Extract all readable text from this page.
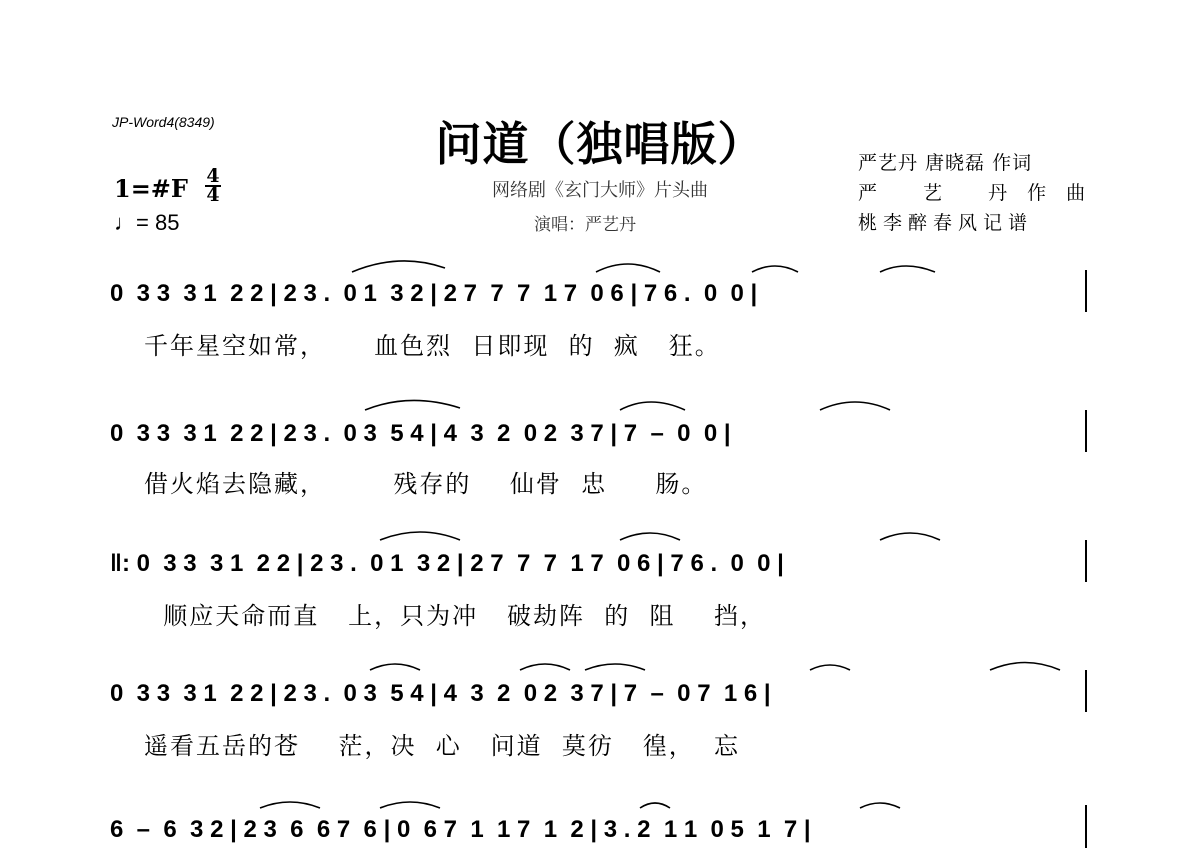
JP-Word4(8349)	问道（独唱版）
网络剧《玄门大师》片头曲
演唱：严艺丹
严艺丹 唐晓磊 作词
严 艺 丹作曲
桃李醉春风记谱
1=#F 4
4
♩= 85
0  3 3  3 1  2 2 | 2 3 .  0 1  3 2 | 2 7  7  7  1 7  0 6 | 7 6 .  0  0 |
千年星空如常，     血色烈  日即现  的  疯   狂。
0  3 3  3 1  2 2 | 2 3 .  0 3  5 4 | 4  3  2  0 2  3 7 | 7  –  0  0 |
借火焰去隐藏，       残存的    仙骨  忠     肠。
‖: 0  3 3  3 1  2 2 | 2 3 .  0 1  3 2 | 2 7  7  7  1 7  0 6 | 7 6 .  0  0 |
顺应天命而直   上，只为冲   破劫阵  的  阻    挡，
0  3 3  3 1  2 2 | 2 3 .  0 3  5 4 | 4  3  2  0 2  3 7 | 7  –  0 7  1 6 |
遥看五岳的苍    茫，决  心   问道  莫彷   徨，  忘
6  –  6  3 2 | 2 3  6  6 7  6 | 0  6 7  1  1 7  1  2 | 3 . 2  1 1  0 5  1  7 |
